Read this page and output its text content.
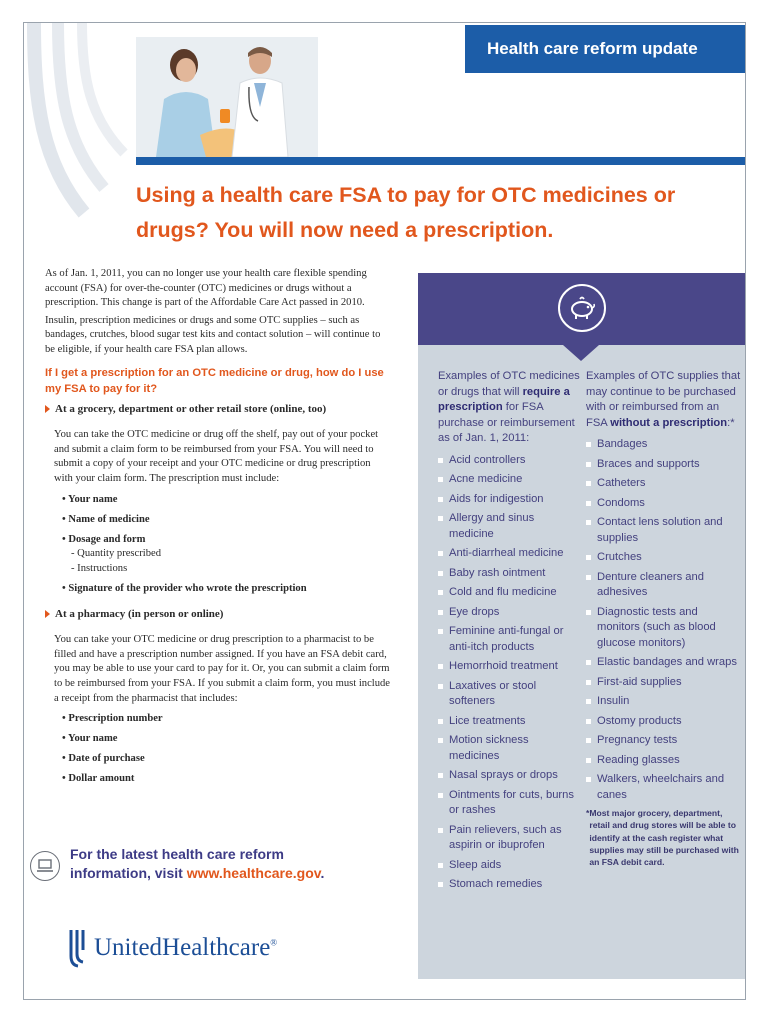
Health care reform update
Using a health care FSA to pay for OTC medicines or drugs? You will now need a prescription.

As of Jan. 1, 2011, you can no longer use your health care flexible spending account (FSA) for over-the-counter (OTC) medicines or drugs without a prescription. This change is part of the Affordable Care Act passed in 2010.

Insulin, prescription medicines or drugs and some OTC supplies – such as bandages, crutches, blood sugar test kits and contact solution – will continue to be eligible, if your health care FSA plan allows.

If I get a prescription for an OTC medicine or drug, how do I use my FSA to pay for it?
At a grocery, department or other retail store (online, too)

You can take the OTC medicine or drug off the shelf, pay out of your pocket and submit a claim form to be reimbursed from your FSA. You will need to submit a copy of your receipt and your OTC medicine or drug prescription with your claim form. The prescription must include:

• Your name
• Name of medicine
• Dosage and form
- Quantity prescribed
- Instructions
• Signature of the provider who wrote the prescription
At a pharmacy (in person or online)

You can take your OTC medicine or drug prescription to a pharmacist to be filled and have a prescription number assigned. If you have an FSA debit card, you may be able to use your card to pay for it. Or, you can submit a claim form to be reimbursed from your FSA. If you submit a claim form, you must include a receipt from the pharmacist that includes:

• Prescription number
• Your name
• Date of purchase
• Dollar amount
For the latest health care reform
information, visit www.healthcare.gov.
UnitedHealthcare®
Examples of OTC medicines or drugs that will require a prescription for FSA purchase or reimbursement as of Jan. 1, 2011:
Acid controllers
Acne medicine
Aids for indigestion
Allergy and sinus medicine
Anti-diarrheal medicine
Baby rash ointment
Cold and flu medicine
Eye drops
Feminine anti-fungal or anti-itch products
Hemorrhoid treatment
Laxatives or stool softeners
Lice treatments
Motion sickness medicines
Nasal sprays or drops
Ointments for cuts, burns or rashes
Pain relievers, such as aspirin or ibuprofen
Sleep aids
Stomach remedies
Examples of OTC supplies that may continue to be purchased with or reimbursed from an FSA without a prescription:*
Bandages
Braces and supports
Catheters
Condoms
Contact lens solution and supplies
Crutches
Denture cleaners and adhesives
Diagnostic tests and monitors (such as blood glucose monitors)
Elastic bandages and wraps
First-aid supplies
Insulin
Ostomy products
Pregnancy tests
Reading glasses
Walkers, wheelchairs and canes
* Most major grocery, department, retail and drug stores will be able to identify at the cash register what supplies may still be purchased with an FSA debit card.
